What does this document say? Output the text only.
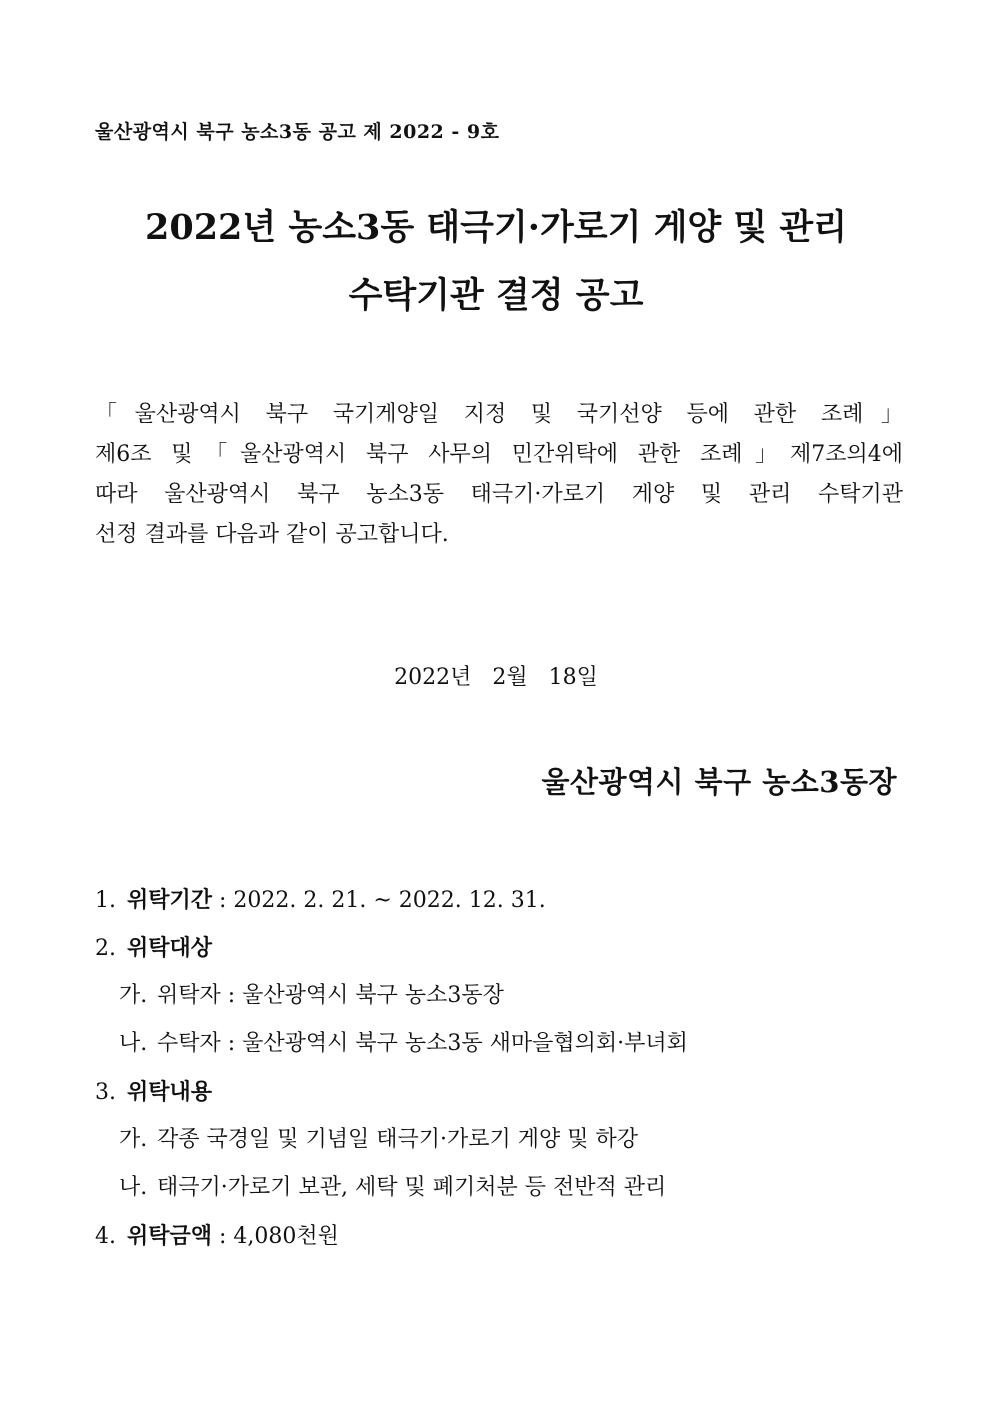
울산광역시 북구 농소3동 공고 제 2022 - 9호
2022년 농소3동 태극기·가로기 게양 및 관리
수탁기관 결정 공고
「울산광역시 북구 국기게양일 지정 및 국기선양 등에 관한 조례」
제6조 및「울산광역시 북구 사무의 민간위탁에 관한 조례」제7조의4에
따라 울산광역시 북구 농소3동 태극기·가로기 게양 및 관리 수탁기관
선정 결과를 다음과 같이 공고합니다.
2022년 2월 18일
울산광역시 북구 농소3동장
1. 위탁기간 : 2022. 2. 21. ~ 2022. 12. 31.
2. 위탁대상
가. 위탁자 : 울산광역시 북구 농소3동장
나. 수탁자 : 울산광역시 북구 농소3동 새마을협의회·부녀회
3. 위탁내용
가. 각종 국경일 및 기념일 태극기·가로기 게양 및 하강
나. 태극기·가로기 보관, 세탁 및 폐기처분 등 전반적 관리
4. 위탁금액 : 4,080천원
